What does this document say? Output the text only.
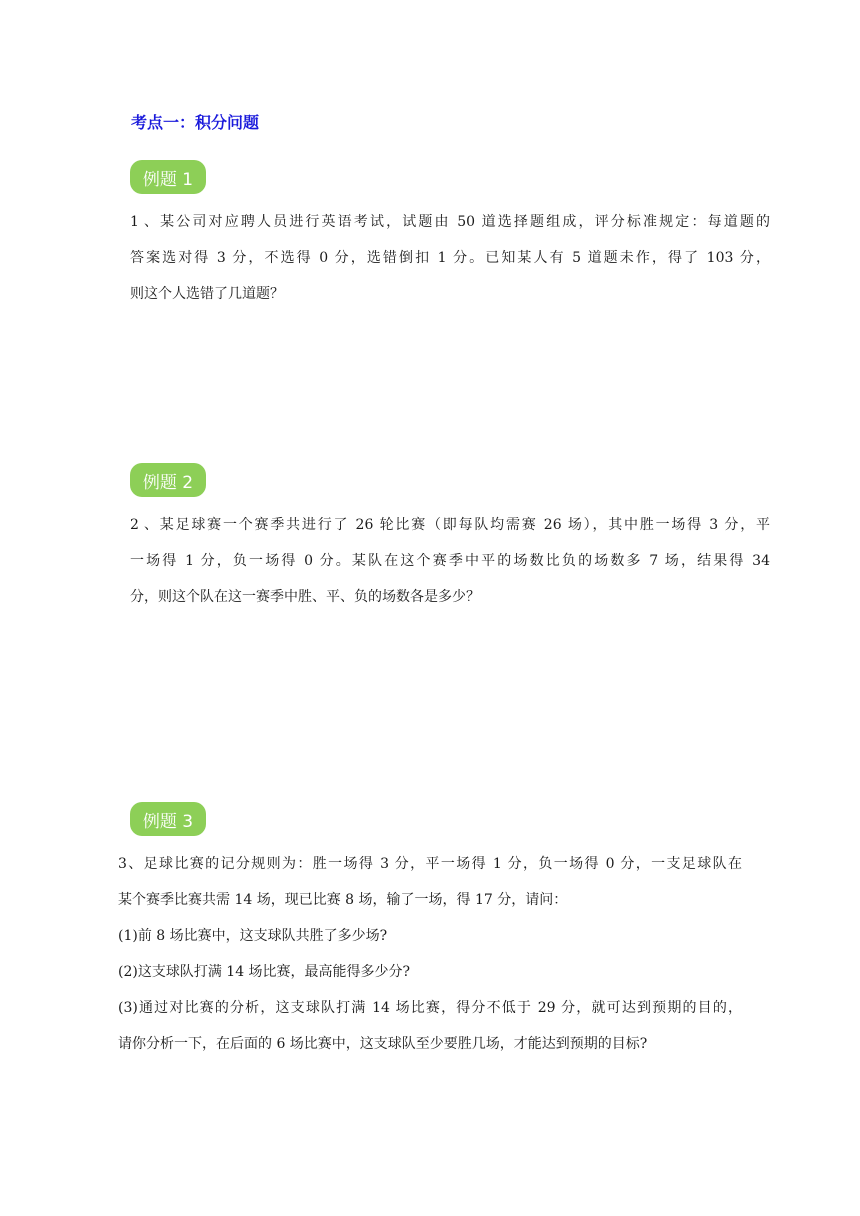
考点一：积分问题
例题 1
1、某公司对应聘人员进行英语考试，试题由 50 道选择题组成，评分标准规定：每道题的
答案选对得 3 分，不选得 0 分，选错倒扣 1 分。已知某人有 5 道题未作，得了 103 分，
则这个人选错了几道题？
例题 2
2、某足球赛一个赛季共进行了 26 轮比赛（即每队均需赛 26 场），其中胜一场得 3 分，平
一场得 1 分，负一场得 0 分。某队在这个赛季中平的场数比负的场数多 7 场，结果得 34
分，则这个队在这一赛季中胜、平、负的场数各是多少？
例题 3
3、足球比赛的记分规则为：胜一场得 3 分，平一场得 1 分，负一场得 0 分，一支足球队在
某个赛季比赛共需 14 场，现已比赛 8 场，输了一场，得 17 分，请问：
(1)前 8 场比赛中，这支球队共胜了多少场?
(2)这支球队打满 14 场比赛，最高能得多少分?
(3)通过对比赛的分析，这支球队打满 14 场比赛，得分不低于 29 分，就可达到预期的目的，
请你分析一下，在后面的 6 场比赛中，这支球队至少要胜几场，才能达到预期的目标?
